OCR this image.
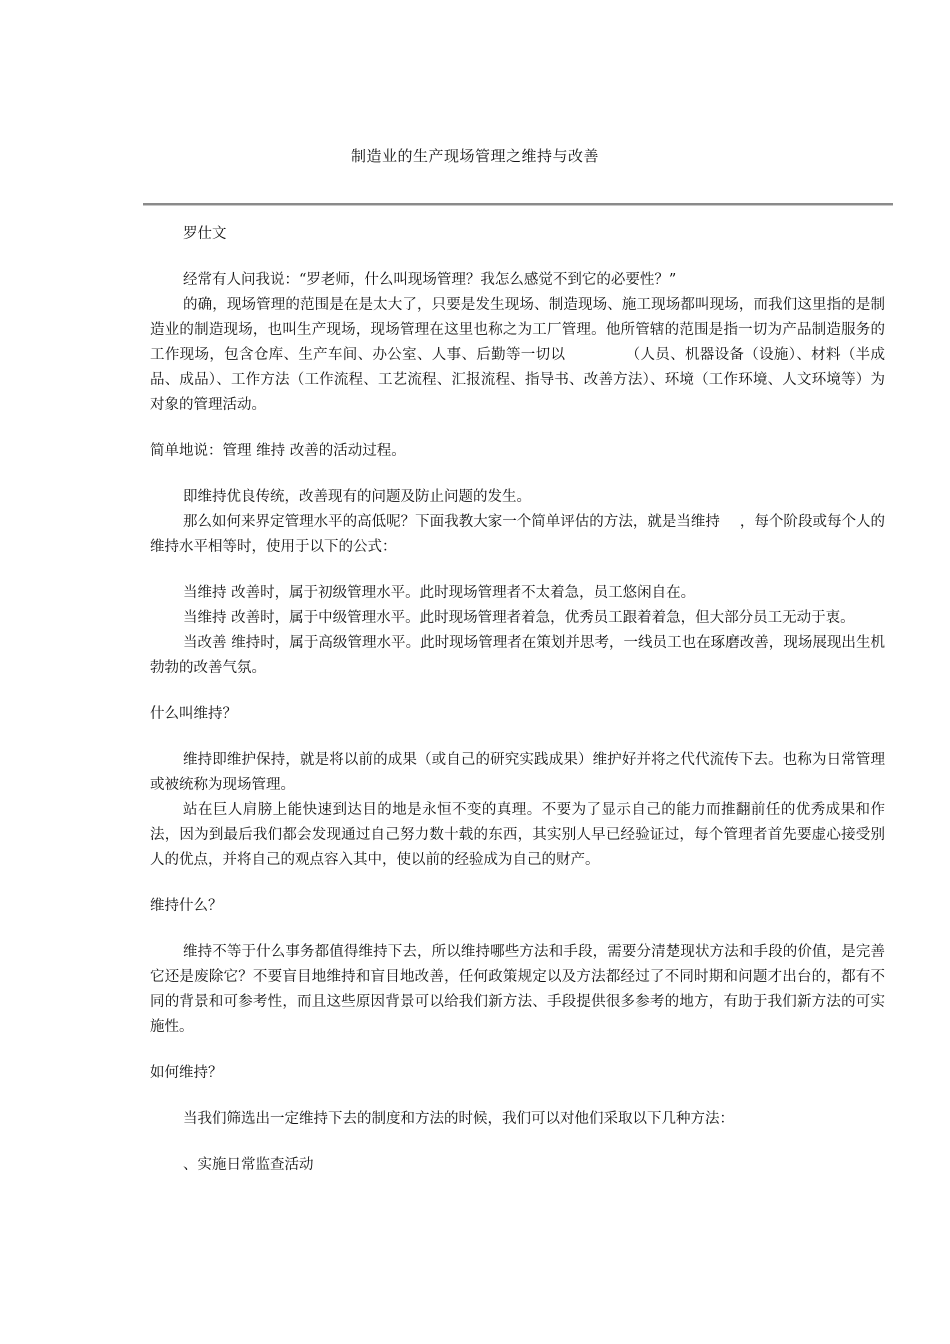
制造业的生产现场管理之维持与改善

罗仕文

经常有人问我说：“罗老师，什么叫现场管理？我怎么感觉不到它的必要性？”

的确，现场管理的范围是在是太大了，只要是发生现场、制造现场、施工现场都叫现场，而我们这里指的是制造业的制造现场，也叫生产现场，现场管理在这里也称之为工厂管理。他所管辖的范围是指一切为产品制造服务的工作现场，包含仓库、生产车间、办公室、人事、后勤等一切以	（人员、机器设备（设施）、材料（半成品、成品）、工作方法（工作流程、工艺流程、汇报流程、指导书、改善方法）、环境（工作环境、人文环境等）为对象的管理活动。

简单地说：管理 维持 改善的活动过程。

即维持优良传统，改善现有的问题及防止问题的发生。

那么如何来界定管理水平的高低呢？下面我教大家一个简单评估的方法，就是当维持 ，每个阶段或每个人的维持水平相等时，使用于以下的公式：

当维持 改善时，属于初级管理水平。此时现场管理者不太着急，员工悠闲自在。

当维持 改善时，属于中级管理水平。此时现场管理者着急，优秀员工跟着着急，但大部分员工无动于衷。

当改善 维持时，属于高级管理水平。此时现场管理者在策划并思考，一线员工也在琢磨改善，现场展现出生机勃勃的改善气氛。

什么叫维持？

维持即维护保持，就是将以前的成果（或自己的研究实践成果）维护好并将之代代流传下去。也称为日常管理或被统称为现场管理。

站在巨人肩膀上能快速到达目的地是永恒不变的真理。不要为了显示自己的能力而推翻前任的优秀成果和作法，因为到最后我们都会发现通过自己努力数十载的东西，其实别人早已经验证过，每个管理者首先要虚心接受别人的优点，并将自己的观点容入其中，使以前的经验成为自己的财产。

维持什么？

维持不等于什么事务都值得维持下去，所以维持哪些方法和手段，需要分清楚现状方法和手段的价值，是完善它还是废除它？不要盲目地维持和盲目地改善，任何政策规定以及方法都经过了不同时期和问题才出台的，都有不同的背景和可参考性，而且这些原因背景可以给我们新方法、手段提供很多参考的地方，有助于我们新方法的可实施性。

如何维持？

当我们筛选出一定维持下去的制度和方法的时候，我们可以对他们采取以下几种方法：

、实施日常监查活动
